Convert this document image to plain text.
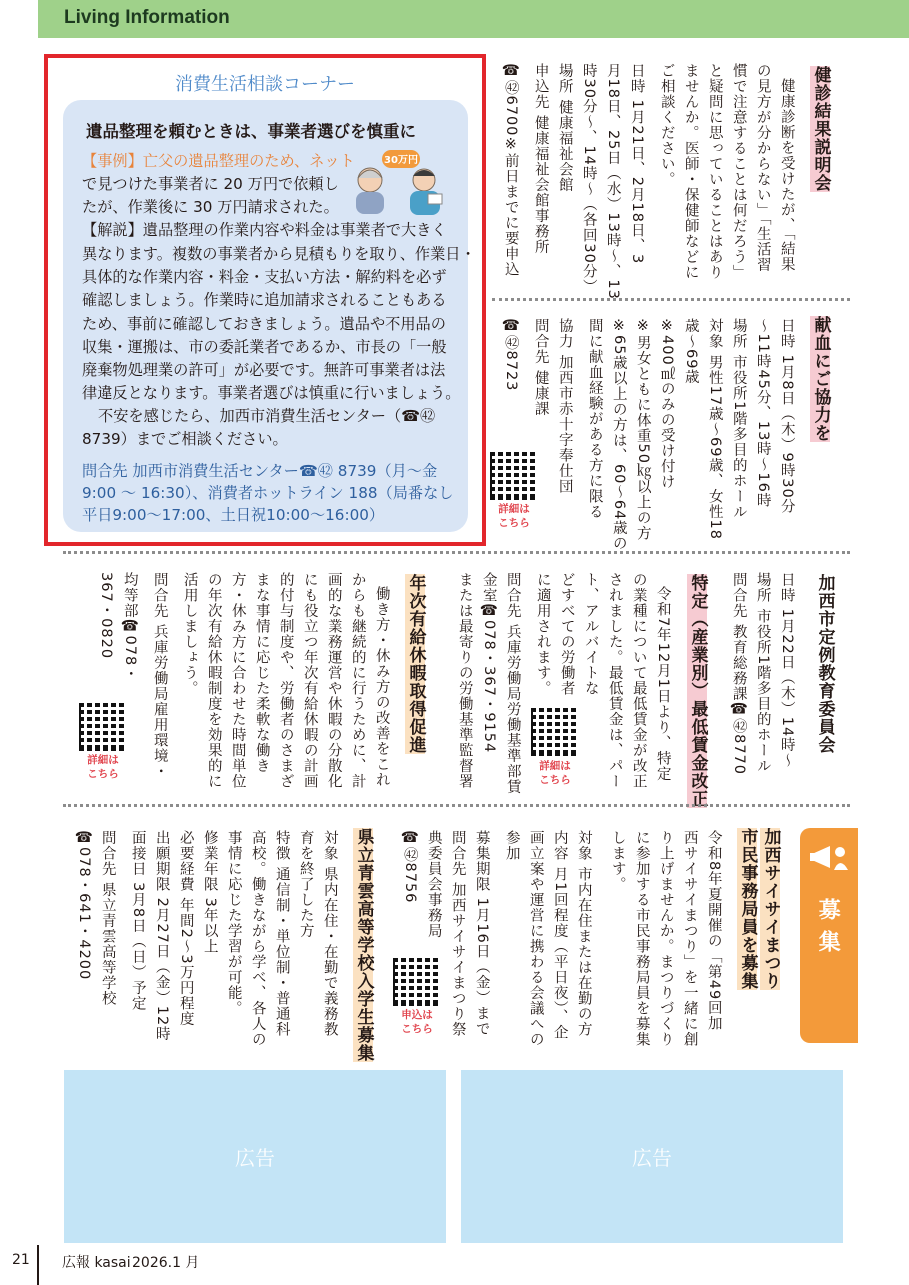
Living Information
消費生活相談コーナー
遺品整理を頼むときは、事業者選びを慎重に
30万円
【事例】亡父の遺品整理のため、ネット
で見つけた事業者に 20 万円で依頼し
たが、作業後に 30 万円請求された。
【解説】遺品整理の作業内容や料金は事業者で大きく
異なります。複数の事業者から見積もりを取り、作業日・
具体的な作業内容・料金・支払い方法・解約料を必ず
確認しましょう。作業時に追加請求されることもある
ため、事前に確認しておきましょう。遺品や不用品の
収集・運搬は、市の委託業者であるか、市長の「一般
廃棄物処理業の許可」が必要です。無許可事業者は法
律違反となります。事業者選びは慎重に行いましょう。
不安を感じたら、加西市消費生活センター（☎㊷
8739）までご相談ください。
問合先 加西市消費生活センター☎㊷ 8739（月～金
9:00 ～ 16:30）、消費者ホットライン 188（局番なし
平日9:00～17:00、土日祝10:00～16:00）
健診結果説明会
健康診断を受けたが、「結果
の見方が分からない」「生活習
慣で注意することは何だろう」
と疑問に思っていることはあり
ませんか。医師・保健師などに
ご相談ください。
日時 1月21日、2月18日、3
月18日、25日（水）13時～、13
時30分～、14時～（各回30分）
場所 健康福祉会館
申込先 健康福祉会館事務所
☎㊷6700※前日までに要申込
献血にご協力を
日時 1月8日（木）9時30分
～11時45分、13時～16時
場所 市役所1階多目的ホール
対象 男性17歳～69歳、女性18
歳～69歳
※400㎖のみの受け付け
※男女ともに体重50㎏以上の方
※65歳以上の方は、60～64歳の
間に献血経験がある方に限る
協力 加西市赤十字奉仕団
問合先 健康課
☎㊷8723
詳細は
こちら
加西市定例教育委員会
日時 1月22日（木）14時～
場所 市役所1階多目的ホール
問合先 教育総務課☎㊷8770
特定（産業別）最低賃金改正
令和7年12月1日より、特定
の業種について最低賃金が改正
されました。最低賃金は、パー
ト、アルバイトな
どすべての労働者
に適用されます。
問合先 兵庫労働局労働基準部賃
金室☎078・367・9154
または最寄りの労働基準監督署	詳細は
こちら
年次有給休暇取得促進
働き方・休み方の改善をこれ
からも継続的に行うために、計
画的な業務運営や休暇の分散化
にも役立つ年次有給休暇の計画
的付与制度や、労働者のさまざ
まな事情に応じた柔軟な働き
方・休み方に合わせた時間単位
の年次有給休暇制度を効果的に
活用しましょう。
問合先 兵庫労働局雇用環境・
均等部☎078・
367・0820
詳細は
こちら
募集
加西サイサイまつり
市民事務局員を募集
令和8年夏開催の「第49回加
西サイサイまつり」を一緒に創
り上げませんか。まつりづくり
に参加する市民事務局員を募集
します。
対象 市内在住または在勤の方
内容 月1回程度（平日夜）、企
画立案や運営に携わる会議への
参加
募集期限 1月16日（金）まで
問合先 加西サイサイまつり祭
典委員会事務局
☎㊷8756
申込は
こちら
県立青雲高等学校入学生募集
対象 県内在住・在勤で義務教
育を終了した方
特徴 通信制・単位制・普通科
高校。働きながら学べ、各人の
事情に応じた学習が可能。
修業年限 3年以上
必要経費 年間2～3万円程度
出願期限 2月27日（金）12時
面接日 3月8日（日）予定
問合先 県立青雲高等学校
☎078・641・4200
広告	広告
21 広報 kasai 2026.1 月
